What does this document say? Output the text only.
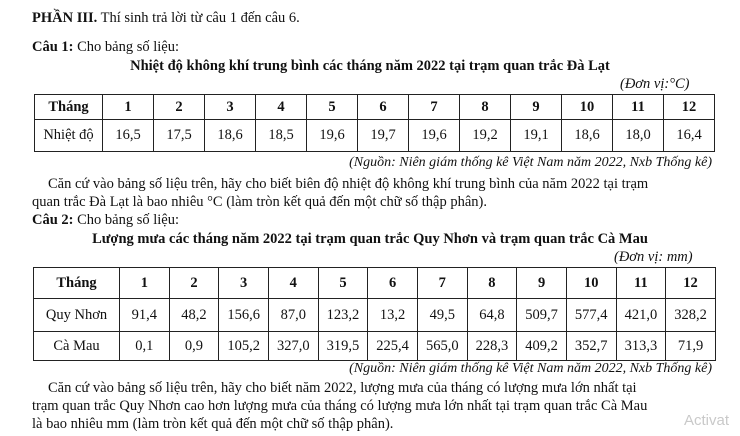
PHẦN III. Thí sinh trả lời từ câu 1 đến câu 6.
Câu 1: Cho bảng số liệu:
Nhiệt độ không khí trung bình các tháng năm 2022 tại trạm quan trắc Đà Lạt
(Đơn vị:°C)
Tháng	1	2	3	4	5	6	7	8	9	10	11	12
Nhiệt độ	16,5	17,5	18,6	18,5	19,6	19,7	19,6	19,2	19,1	18,6	18,0	16,4
(Nguồn: Niên giám thống kê Việt Nam năm 2022, Nxb Thống kê)
Căn cứ vào bảng số liệu trên, hãy cho biết biên độ nhiệt độ không khí trung bình của năm 2022 tại trạm
quan trắc Đà Lạt là bao nhiêu °C (làm tròn kết quả đến một chữ số thập phân).
Câu 2: Cho bảng số liệu:
Lượng mưa các tháng năm 2022 tại trạm quan trắc Quy Nhơn và trạm quan trắc Cà Mau
(Đơn vị: mm)
Tháng	1	2	3	4	5	6	7	8	9	10	11	12
Quy Nhơn	91,4	48,2	156,6	87,0	123,2	13,2	49,5	64,8	509,7	577,4	421,0	328,2
Cà Mau	0,1	0,9	105,2	327,0	319,5	225,4	565,0	228,3	409,2	352,7	313,3	71,9
(Nguồn: Niên giám thống kê Việt Nam năm 2022, Nxb Thống kê)
Căn cứ vào bảng số liệu trên, hãy cho biết năm 2022, lượng mưa của tháng có lượng mưa lớn nhất tại
trạm quan trắc Quy Nhơn cao hơn lượng mưa của tháng có lượng mưa lớn nhất tại trạm quan trắc Cà Mau
là bao nhiêu mm (làm tròn kết quả đến một chữ số thập phân).	Activat
